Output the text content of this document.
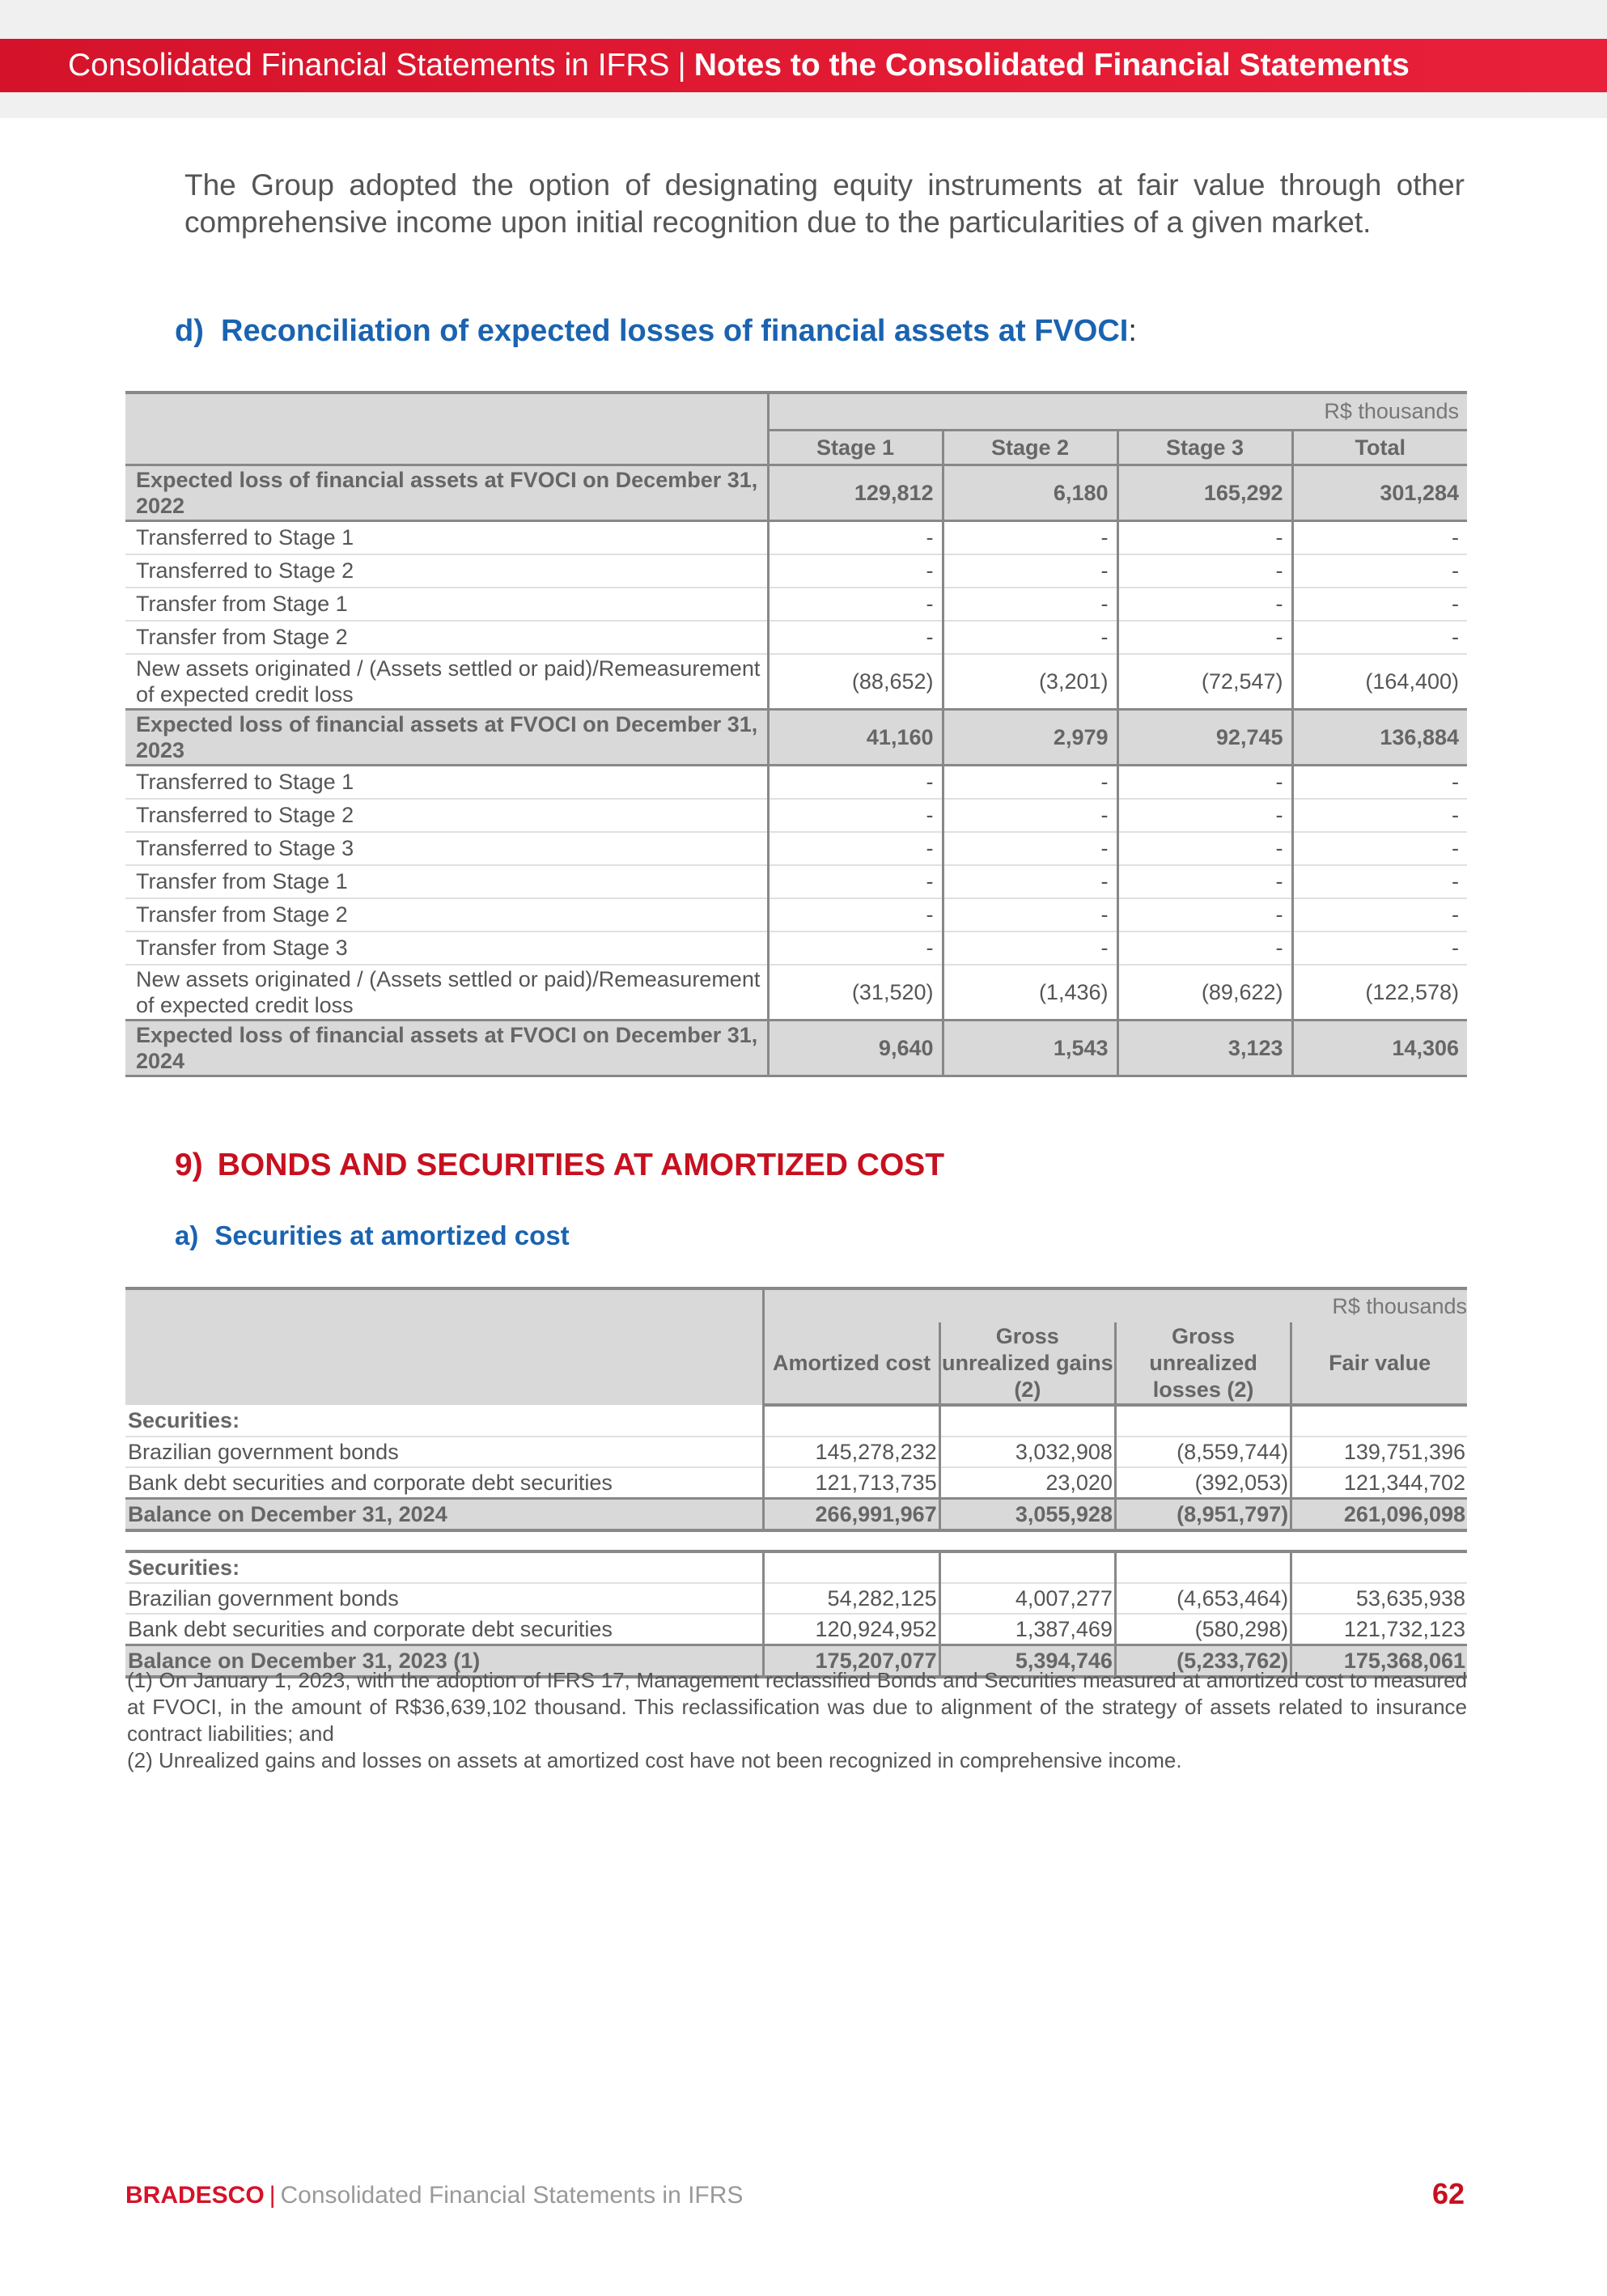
Consolidated Financial Statements in IFRS | Notes to the Consolidated Financial Statements
The Group adopted the option of designating equity instruments at fair value through other comprehensive income upon initial recognition due to the particularities of a given market.
d) Reconciliation of expected losses of financial assets at FVOCI:
	R$ thousands			
	Stage 1	Stage 2	Stage 3	Total
Expected loss of financial assets at FVOCI on December 31, 2022	129,812	6,180	165,292	301,284
Transferred to Stage 1	-	-	-	-
Transferred to Stage 2	-	-	-	-
Transfer from Stage 1	-	-	-	-
Transfer from Stage 2	-	-	-	-
New assets originated / (Assets settled or paid)/Remeasurement of expected credit loss	(88,652)	(3,201)	(72,547)	(164,400)
Expected loss of financial assets at FVOCI on December 31, 2023	41,160	2,979	92,745	136,884
Transferred to Stage 1	-	-	-	-
Transferred to Stage 2	-	-	-	-
Transferred to Stage 3	-	-	-	-
Transfer from Stage 1	-	-	-	-
Transfer from Stage 2	-	-	-	-
Transfer from Stage 3	-	-	-	-
New assets originated / (Assets settled or paid)/Remeasurement of expected credit loss	(31,520)	(1,436)	(89,622)	(122,578)
Expected loss of financial assets at FVOCI on December 31, 2024	9,640	1,543	3,123	14,306
9) BONDS AND SECURITIES AT AMORTIZED COST
a) Securities at amortized cost
	R$ thousands			
	Amortized cost	Gross unrealized gains (2)	Gross unrealized losses (2)	Fair value
Securities:				
Brazilian government bonds	145,278,232	3,032,908	(8,559,744)	139,751,396
Bank debt securities and corporate debt securities	121,713,735	23,020	(392,053)	121,344,702
Balance on December 31, 2024	266,991,967	3,055,928	(8,951,797)	261,096,098

Securities:				
Brazilian government bonds	54,282,125	4,007,277	(4,653,464)	53,635,938
Bank debt securities and corporate debt securities	120,924,952	1,387,469	(580,298)	121,732,123
Balance on December 31, 2023 (1)	175,207,077	5,394,746	(5,233,762)	175,368,061

(1) On January 1, 2023, with the adoption of IFRS 17, Management reclassified Bonds and Securities measured at amortized cost to measured at FVOCI, in the amount of R$36,639,102 thousand. This reclassification was due to alignment of the strategy of assets related to insurance contract liabilities; and

(2) Unrealized gains and losses on assets at amortized cost have not been recognized in comprehensive income.

BRADESCO | Consolidated Financial Statements in IFRS	62
